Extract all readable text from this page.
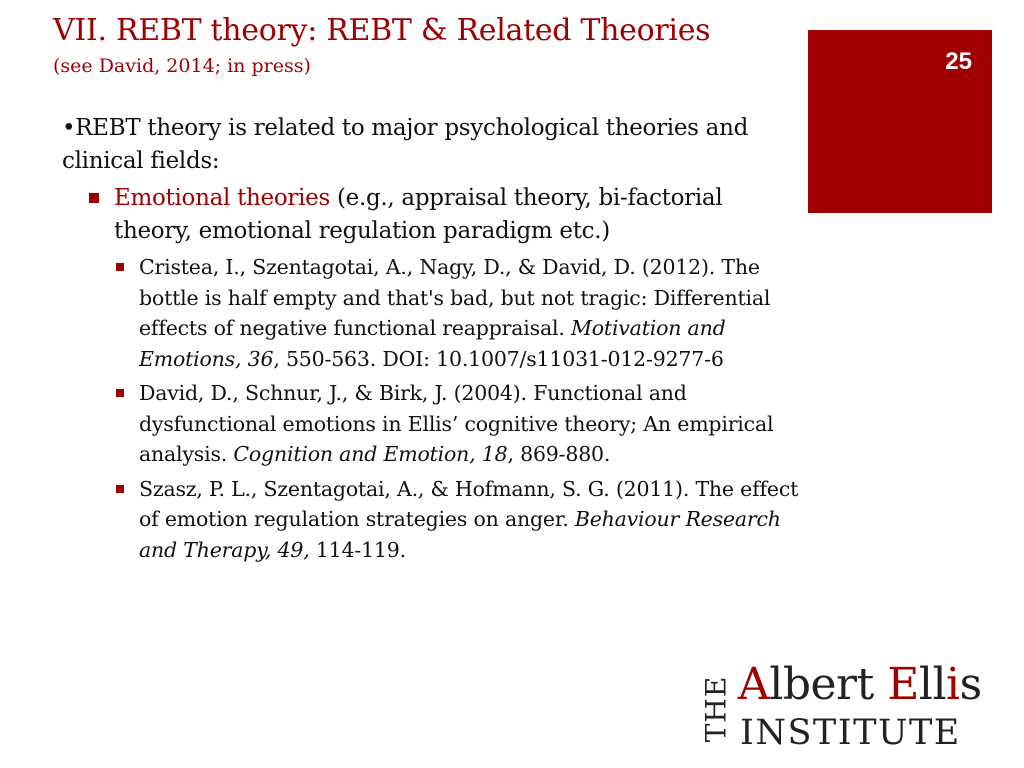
VII. REBT theory: REBT & Related Theories
(see David, 2014; in press)	25
•REBT theory is related to major psychological theories and clinical fields:
Emotional theories (e.g., appraisal theory, bi-factorial theory, emotional regulation paradigm etc.)
Cristea, I., Szentagotai, A., Nagy, D., & David, D. (2012). The bottle is half empty and that's bad, but not tragic: Differential effects of negative functional reappraisal. Motivation and Emotions, 36, 550-563. DOI: 10.1007/s11031-012-9277-6
David, D., Schnur, J., & Birk, J. (2004). Functional and dysfunctional emotions in Ellis’ cognitive theory; An empirical analysis. Cognition and Emotion, 18, 869-880.
Szasz, P. L., Szentagotai, A., & Hofmann, S. G. (2011). The effect of emotion regulation strategies on anger. Behaviour Research and Therapy, 49, 114-119.
THE Albert Ellis
INSTITUTE
